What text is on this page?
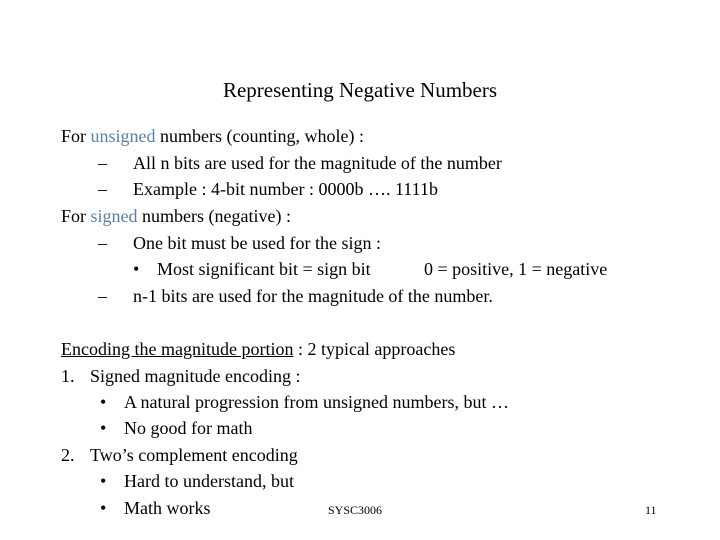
Representing Negative Numbers
For unsigned numbers (counting, whole) :
– All n bits are used for the magnitude of the number
– Example : 4-bit number : 0000b …. 1111b
For signed numbers (negative) :
– One bit must be used for the sign :
• Most significant bit = sign bit	0 = positive, 1 = negative
– n-1 bits are used for the magnitude of the number.
Encoding the magnitude portion : 2 typical approaches
1. Signed magnitude encoding :
• A natural progression from unsigned numbers, but …
• No good for math
2. Two’s complement encoding
• Hard to understand, but
• Math works	SYSC3006	11
